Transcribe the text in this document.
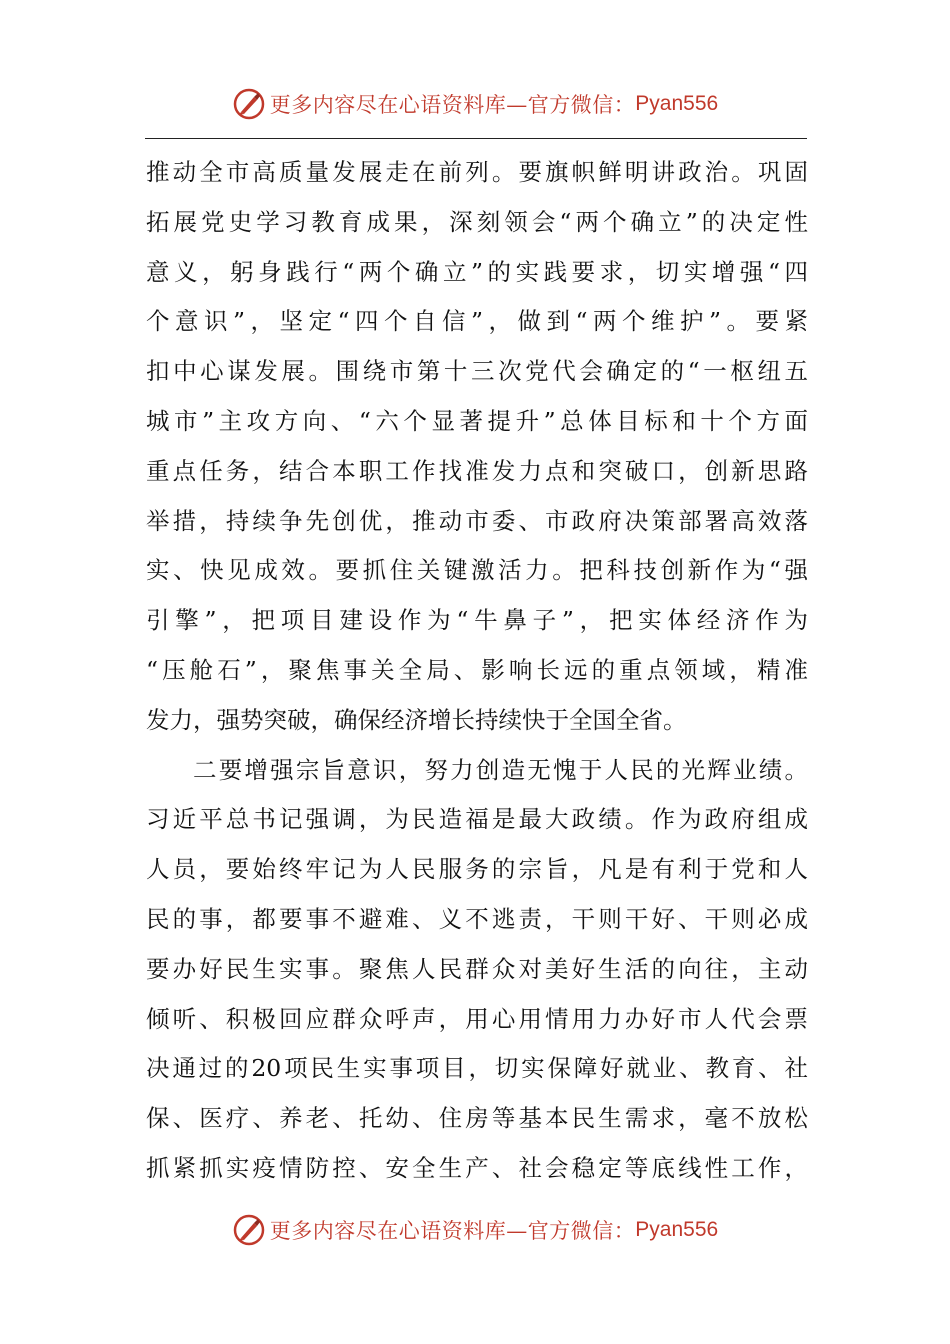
更多内容尽在心语资料库—官方微信： Pyan556
推动全市高质量发展走在前列。要旗帜鲜明讲政治。巩固
拓展党史学习教育成果，深刻领会“两个确立”的决定性
意义，躬身践行“两个确立”的实践要求，切实增强“四
个意识”，坚定“四个自信”，做到“两个维护”。要紧
扣中心谋发展。围绕市第十三次党代会确定的“一枢纽五
城市”主攻方向、“六个显著提升”总体目标和十个方面
重点任务，结合本职工作找准发力点和突破口，创新思路
举措，持续争先创优，推动市委、市政府决策部署高效落
实、快见成效。要抓住关键激活力。把科技创新作为“强
引擎”，把项目建设作为“牛鼻子”，把实体经济作为
“压舱石”，聚焦事关全局、影响长远的重点领域，精准
发力，强势突破，确保经济增长持续快于全国全省。
二要增强宗旨意识，努力创造无愧于人民的光辉业绩。
习近平总书记强调，为民造福是最大政绩。作为政府组成
人员，要始终牢记为人民服务的宗旨，凡是有利于党和人
民的事，都要事不避难、义不逃责，干则干好、干则必成
要办好民生实事。聚焦人民群众对美好生活的向往，主动
倾听、积极回应群众呼声，用心用情用力办好市人代会票
决通过的20项民生实事项目，切实保障好就业、教育、社
保、医疗、养老、托幼、住房等基本民生需求，毫不放松
抓紧抓实疫情防控、安全生产、社会稳定等底线性工作，
更多内容尽在心语资料库—官方微信： Pyan556
